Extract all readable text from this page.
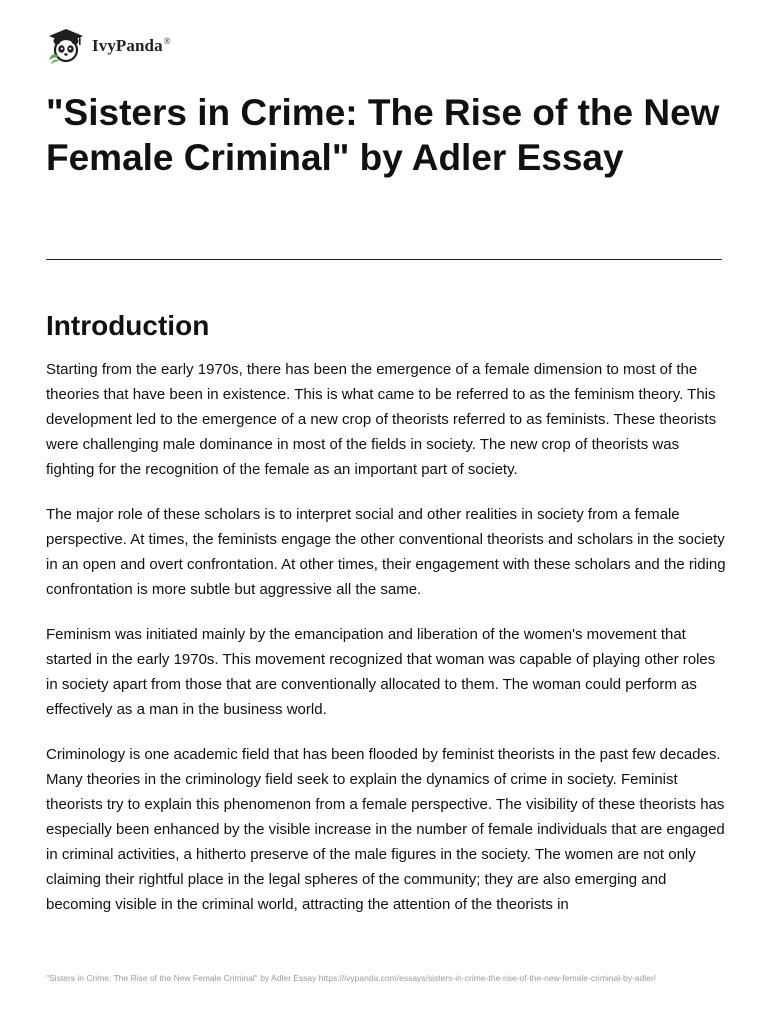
IvyPanda®
"Sisters in Crime: The Rise of the New Female Criminal" by Adler Essay
Introduction

Starting from the early 1970s, there has been the emergence of a female dimension to most of the theories that have been in existence. This is what came to be referred to as the feminism theory. This development led to the emergence of a new crop of theorists referred to as feminists. These theorists were challenging male dominance in most of the fields in society. The new crop of theorists was fighting for the recognition of the female as an important part of society.

The major role of these scholars is to interpret social and other realities in society from a female perspective. At times, the feminists engage the other conventional theorists and scholars in the society in an open and overt confrontation. At other times, their engagement with these scholars and the riding confrontation is more subtle but aggressive all the same.

Feminism was initiated mainly by the emancipation and liberation of the women's movement that started in the early 1970s. This movement recognized that woman was capable of playing other roles in society apart from those that are conventionally allocated to them. The woman could perform as effectively as a man in the business world.

Criminology is one academic field that has been flooded by feminist theorists in the past few decades. Many theories in the criminology field seek to explain the dynamics of crime in society. Feminist theorists try to explain this phenomenon from a female perspective. The visibility of these theorists has especially been enhanced by the visible increase in the number of female individuals that are engaged in criminal activities, a hitherto preserve of the male figures in the society. The women are not only claiming their rightful place in the legal spheres of the community; they are also emerging and becoming visible in the criminal world, attracting the attention of the theorists in

"Sisters in Crime: The Rise of the New Female Criminal" by Adler Essay https://ivypanda.com/essays/sisters-in-crime-the-rise-of-the-new-female-criminal-by-adler/
